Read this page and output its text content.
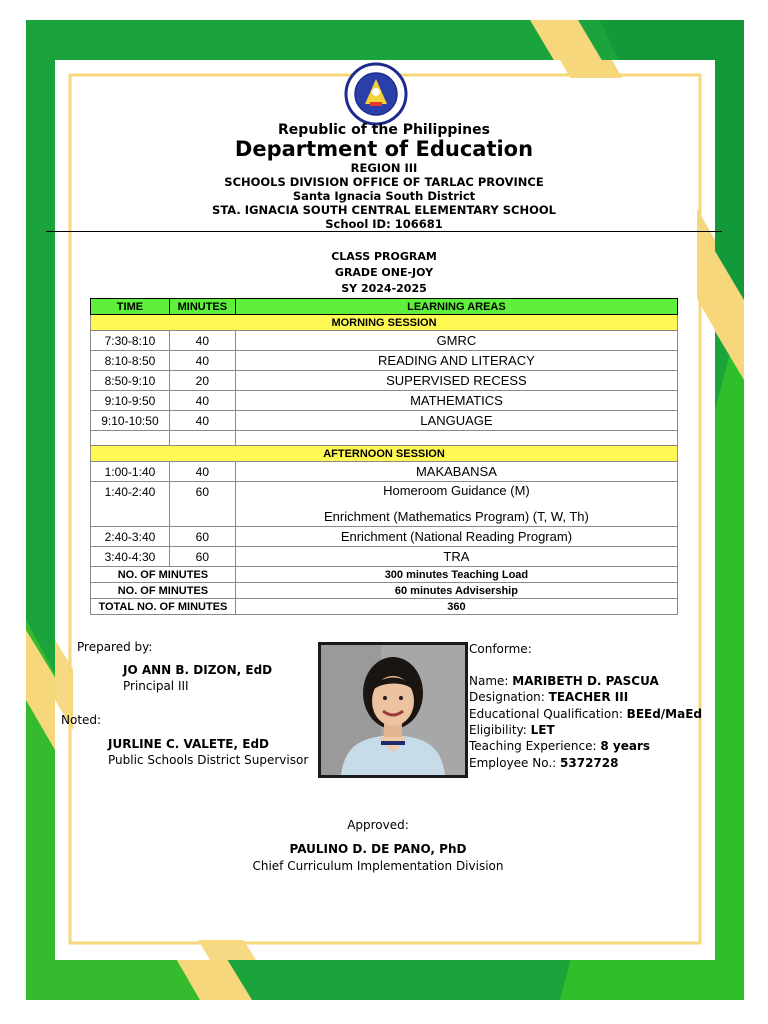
Republic of the Philippines
Department of Education
REGION III
SCHOOLS DIVISION OFFICE OF TARLAC PROVINCE
Santa Ignacia South District
STA. IGNACIA SOUTH CENTRAL ELEMENTARY SCHOOL
School ID: 106681
CLASS PROGRAM
GRADE ONE-JOY
SY 2024-2025
TIME	MINUTES	LEARNING AREAS
MORNING SESSION		
7:30-8:10	40	GMRC
8:10-8:50	40	READING AND LITERACY
8:50-9:10	20	SUPERVISED RECESS
9:10-9:50	40	MATHEMATICS
9:10-10:50	40	LANGUAGE

AFTERNOON SESSION		
1:00-1:40	40	MAKABANSA
1:40-2:40	60	Homeroom Guidance (M)
Enrichment (Mathematics Program) (T, W, Th)

2:40-3:40	60	Enrichment (National Reading Program)
3:40-4:30	60	TRA
NO. OF MINUTES		300 minutes Teaching Load
NO. OF MINUTES		60 minutes Advisership
TOTAL NO. OF MINUTES		360
Prepared by:
JO ANN B. DIZON, EdD
Principal III
Noted:
JURLINE C. VALETE, EdD
Public Schools District Supervisor
Conforme:
Name: MARIBETH D. PASCUA
Designation: TEACHER III
Educational Qualification: BEEd/MaEd
Eligibility: LET
Teaching Experience: 8 years
Employee No.: 5372728
Approved:
PAULINO D. DE PANO, PhD
Chief Curriculum Implementation Division
